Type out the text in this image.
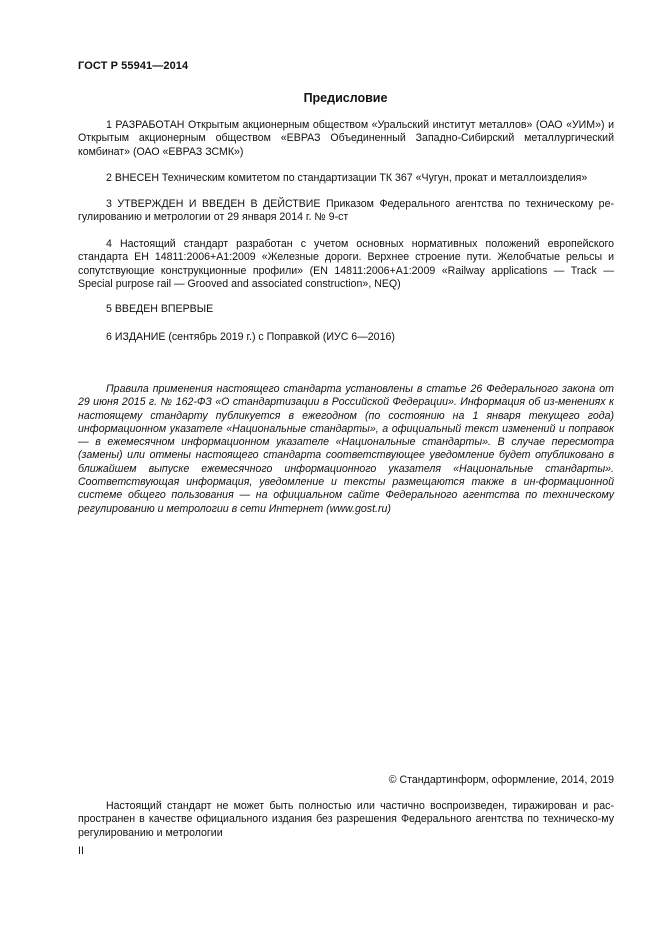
ГОСТ Р 55941—2014
Предисловие

1 РАЗРАБОТАН Открытым акционерным обществом «Уральский институт металлов» (ОАО «УИМ») и Открытым акционерным обществом «ЕВРАЗ Объединенный Западно-Сибирский металлургический комбинат» (ОАО «ЕВРАЗ ЗСМК»)

2 ВНЕСЕН Техническим комитетом по стандартизации ТК 367 «Чугун, прокат и металлоизделия»

3 УТВЕРЖДЕН И ВВЕДЕН В ДЕЙСТВИЕ Приказом Федерального агентства по техническому ре-гулированию и метрологии от 29 января 2014 г. № 9-ст

4 Настоящий стандарт разработан с учетом основных нормативных положений европейского стандарта ЕН 14811:2006+А1:2009 «Железные дороги. Верхнее строение пути. Желобчатые рельсы и сопутствующие конструкционные профили» (EN 14811:2006+A1:2009 «Railway applications — Track — Special purpose rail — Grooved and associated construction», NEQ)

5 ВВЕДЕН ВПЕРВЫЕ

6 ИЗДАНИЕ (сентябрь 2019 г.) с Поправкой (ИУС 6—2016)

Правила применения настоящего стандарта установлены в статье 26 Федерального закона от 29 июня 2015 г. № 162-ФЗ «О стандартизации в Российской Федерации». Информация об из-менениях к настоящему стандарту публикуется в ежегодном (по состоянию на 1 января текущего года) информационном указателе «Национальные стандарты», а официальный текст изменений и поправок — в ежемесячном информационном указателе «Национальные стандарты». В случае пересмотра (замены) или отмены настоящего стандарта соответствующее уведомление будет опубликовано в ближайшем выпуске ежемесячного информационного указателя «Национальные стандарты». Соответствующая информация, уведомление и тексты размещаются также в ин-формационной системе общего пользования — на официальном сайте Федерального агентства по техническому регулированию и метрологии в сети Интернет (www.gost.ru)

© Стандартинформ, оформление, 2014, 2019

Настоящий стандарт не может быть полностью или частично воспроизведен, тиражирован и рас-пространен в качестве официального издания без разрешения Федерального агентства по техническо-му регулированию и метрологии

II
